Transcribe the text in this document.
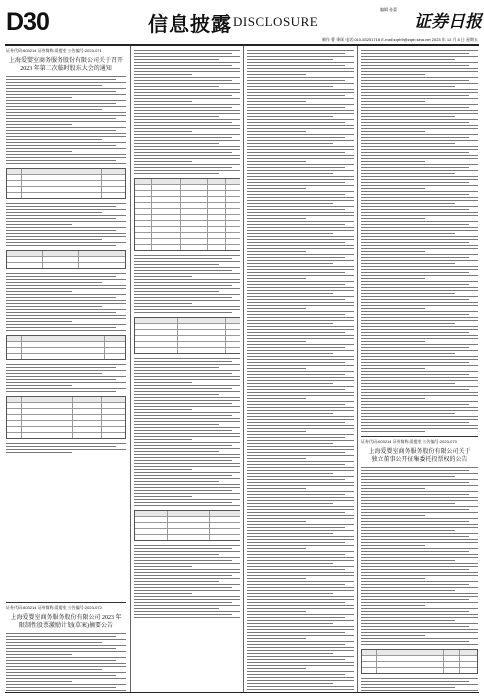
D30	信息披露 DISCLOSURE
编辑 孙蒙
证券日报
制作 曹 秉琛 电话:010-83251716 E-mail:zqrb9@zqrb.sina.net 2023 年 12 月 8 日 星期五
证券代码:603214 证券简称:爱婴室 公告编号:2023-071
上海爱婴室商务服务股份有限公司关于召开
2023 年第二次临时股东大会的通知
证券代码:603214 证券简称:爱婴室 公告编号:2023-072
上海爱婴室商务服务股份有限公司 2023 年
限制性股票激励计划(草案)摘要公告
证券代码:603214 证券简称:爱婴室 公告编号:2023-070
上海爱婴室商务服务股份有限公司关于
独立董事公开征集委托投票权的公告
